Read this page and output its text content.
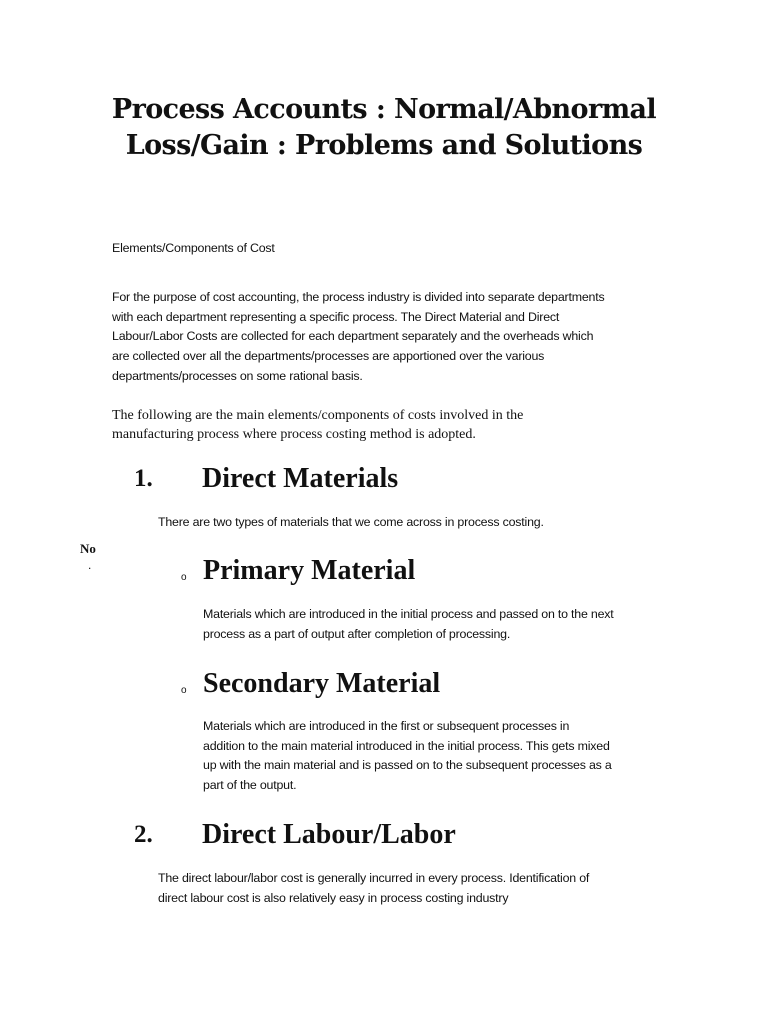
Process Accounts : Normal/Abnormal
Loss/Gain : Problems and Solutions

Elements/Components of Cost

For the purpose of cost accounting, the process industry is divided into separate departments

with each department representing a specific process. The Direct Material and Direct

Labour/Labor Costs are collected for each department separately and the overheads which

are collected over all the departments/processes are apportioned over the various

departments/processes on some rational basis.

The following are the main elements/components of costs involved in the

manufacturing process where process costing method is adopted.

1. Direct Materials

There are two types of materials that we come across in process costing.

No
.
o Primary Material

Materials which are introduced in the initial process and passed on to the next

process as a part of output after completion of processing.

o Secondary Material

Materials which are introduced in the first or subsequent processes in

addition to the main material introduced in the initial process. This gets mixed

up with the main material and is passed on to the subsequent processes as a

part of the output.

2. Direct Labour/Labor

The direct labour/labor cost is generally incurred in every process. Identification of

direct labour cost is also relatively easy in process costing industry
